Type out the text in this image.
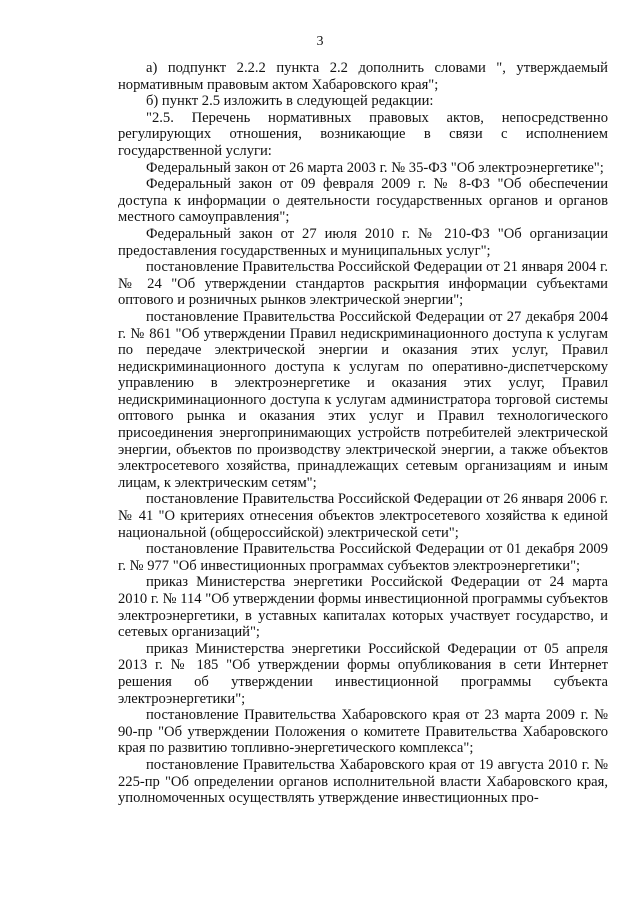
3

а) подпункт 2.2.2 пункта 2.2 дополнить словами ", утверждаемый нормативным правовым актом Хабаровского края";

б) пункт 2.5 изложить в следующей редакции:

"2.5. Перечень нормативных правовых актов, непосредственно регулирующих отношения, возникающие в связи с исполнением государственной услуги:

Федеральный закон от 26 марта 2003 г. № 35-ФЗ "Об электроэнергетике";

Федеральный закон от 09 февраля 2009 г. № 8-ФЗ "Об обеспечении доступа к информации о деятельности государственных органов и органов местного самоуправления";

Федеральный закон от 27 июля 2010 г. № 210-ФЗ "Об организации предоставления государственных и муниципальных услуг";

постановление Правительства Российской Федерации от 21 января 2004 г. № 24 "Об утверждении стандартов раскрытия информации субъектами оптового и розничных рынков электрической энергии";

постановление Правительства Российской Федерации от 27 декабря 2004 г. № 861 "Об утверждении Правил недискриминационного доступа к услугам по передаче электрической энергии и оказания этих услуг, Правил недискриминационного доступа к услугам по оперативно-диспетчерскому управлению в электроэнергетике и оказания этих услуг, Правил недискриминационного доступа к услугам администратора торговой системы оптового рынка и оказания этих услуг и Правил технологического присоединения энергопринимающих устройств потребителей электрической энергии, объектов по производству электрической энергии, а также объектов электросетевого хозяйства, принадлежащих сетевым организациям и иным лицам, к электрическим сетям";

постановление Правительства Российской Федерации от 26 января 2006 г. № 41 "О критериях отнесения объектов электросетевого хозяйства к единой национальной (общероссийской) электрической сети";

постановление Правительства Российской Федерации от 01 декабря 2009 г. № 977 "Об инвестиционных программах субъектов электроэнергетики";

приказ Министерства энергетики Российской Федерации от 24 марта 2010 г. № 114 "Об утверждении формы инвестиционной программы субъектов электроэнергетики, в уставных капиталах которых участвует государство, и сетевых организаций";

приказ Министерства энергетики Российской Федерации от 05 апреля 2013 г. № 185 "Об утверждении формы опубликования в сети Интернет решения об утверждении инвестиционной программы субъекта электроэнергетики";

постановление Правительства Хабаровского края от 23 марта 2009 г. № 90-пр "Об утверждении Положения о комитете Правительства Хабаровского края по развитию топливно-энергетического комплекса";

постановление Правительства Хабаровского края от 19 августа 2010 г. № 225-пр "Об определении органов исполнительной власти Хабаровского края, уполномоченных осуществлять утверждение инвестиционных про-
